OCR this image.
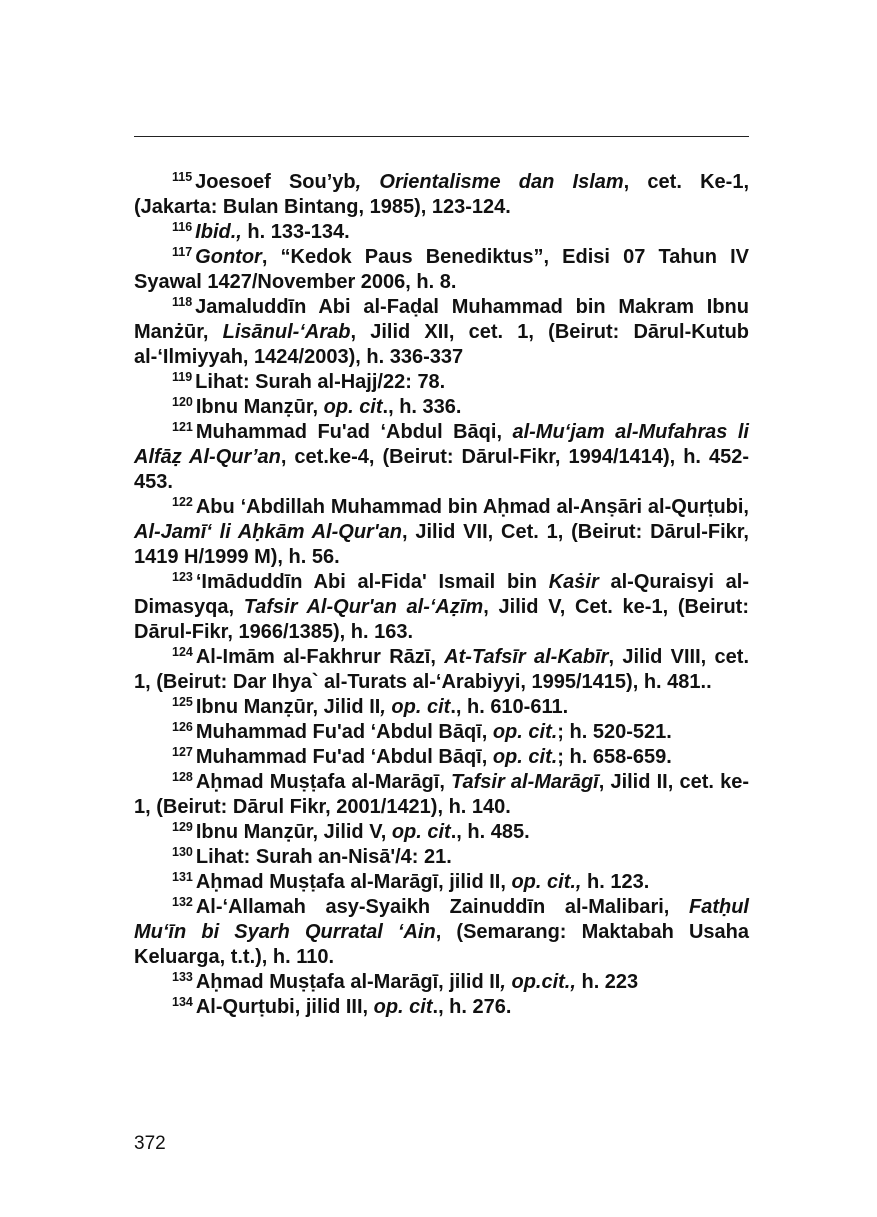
$^{115}$ Joesoef Sou’yb, Orientalisme dan Islam, cet. Ke-1, (Jakarta: Bulan Bintang, 1985), 123-124.

$^{116}$ Ibid., h. 133-134.

$^{117}$ Gontor, “Kedok Paus Benediktus”, Edisi 07 Tahun IV Syawal 1427/November 2006, h. 8.

$^{118}$ Jamaluddīn Abi al-Faḍal Muhammad bin Makram Ibnu Manżūr, Lisānul-‘Arab, Jilid XII, cet. 1, (Beirut: Dārul-Kutub al-‘Ilmiyyah, 1424/2003), h. 336-337

$^{119}$ Lihat: Surah al-Hajj/22: 78.

$^{120}$ Ibnu Manẓūr, op. cit., h. 336.

$^{121}$ Muhammad Fu'ad ‘Abdul Bāqi, al-Mu‘jam al-Mufahras li Alfāẓ Al-Qur’an, cet.ke-4, (Beirut: Dārul-Fikr, 1994/1414), h. 452-453.

$^{122}$ Abu ‘Abdillah Muhammad bin Aḥmad al-Anṣāri al-Qurṭubi, Al-Jamī‘ li Aḥkām Al-Qur'an, Jilid VII, Cet. 1, (Beirut: Dārul-Fikr, 1419 H/1999 M), h. 56.

$^{123}$ ‘Imāduddīn Abi al-Fida' Ismail bin Kaṡir al-Quraisyi al-Dimasyqa, Tafsir Al-Qur'an al-‘Aẓīm, Jilid V, Cet. ke-1, (Beirut: Dārul-Fikr, 1966/1385), h. 163.

$^{124}$ Al-Imām al-Fakhrur Rāzī, At-Tafsīr al-Kabīr, Jilid VIII, cet. 1, (Beirut: Dar Ihya` al-Turats al-‘Arabiyyi, 1995/1415), h. 481..

$^{125}$ Ibnu Manẓūr, Jilid II, op. cit., h. 610-611.

$^{126}$ Muhammad Fu'ad ‘Abdul Bāqī, op. cit.; h. 520-521.

$^{127}$ Muhammad Fu'ad ‘Abdul Bāqī, op. cit.; h. 658-659.

$^{128}$ Aḥmad Muṣṭafa al-Marāgī, Tafsir al-Marāgī, Jilid II, cet. ke-1, (Beirut: Dārul Fikr, 2001/1421), h. 140.

$^{129}$ Ibnu Manẓūr, Jilid V, op. cit., h. 485.

$^{130}$ Lihat: Surah an-Nisā'/4: 21.

$^{131}$ Aḥmad Muṣṭafa al-Marāgī, jilid II, op. cit., h. 123.

$^{132}$ Al-‘Allamah asy-Syaikh Zainuddīn al-Malibari, Fatḥul Mu‘īn bi Syarh Qurratal ‘Ain, (Semarang: Maktabah Usaha Keluarga, t.t.), h. 110.

$^{133}$ Aḥmad Muṣṭafa al-Marāgī, jilid II, op.cit., h. 223

$^{134}$ Al-Qurṭubi, jilid III, op. cit., h. 276.

372
